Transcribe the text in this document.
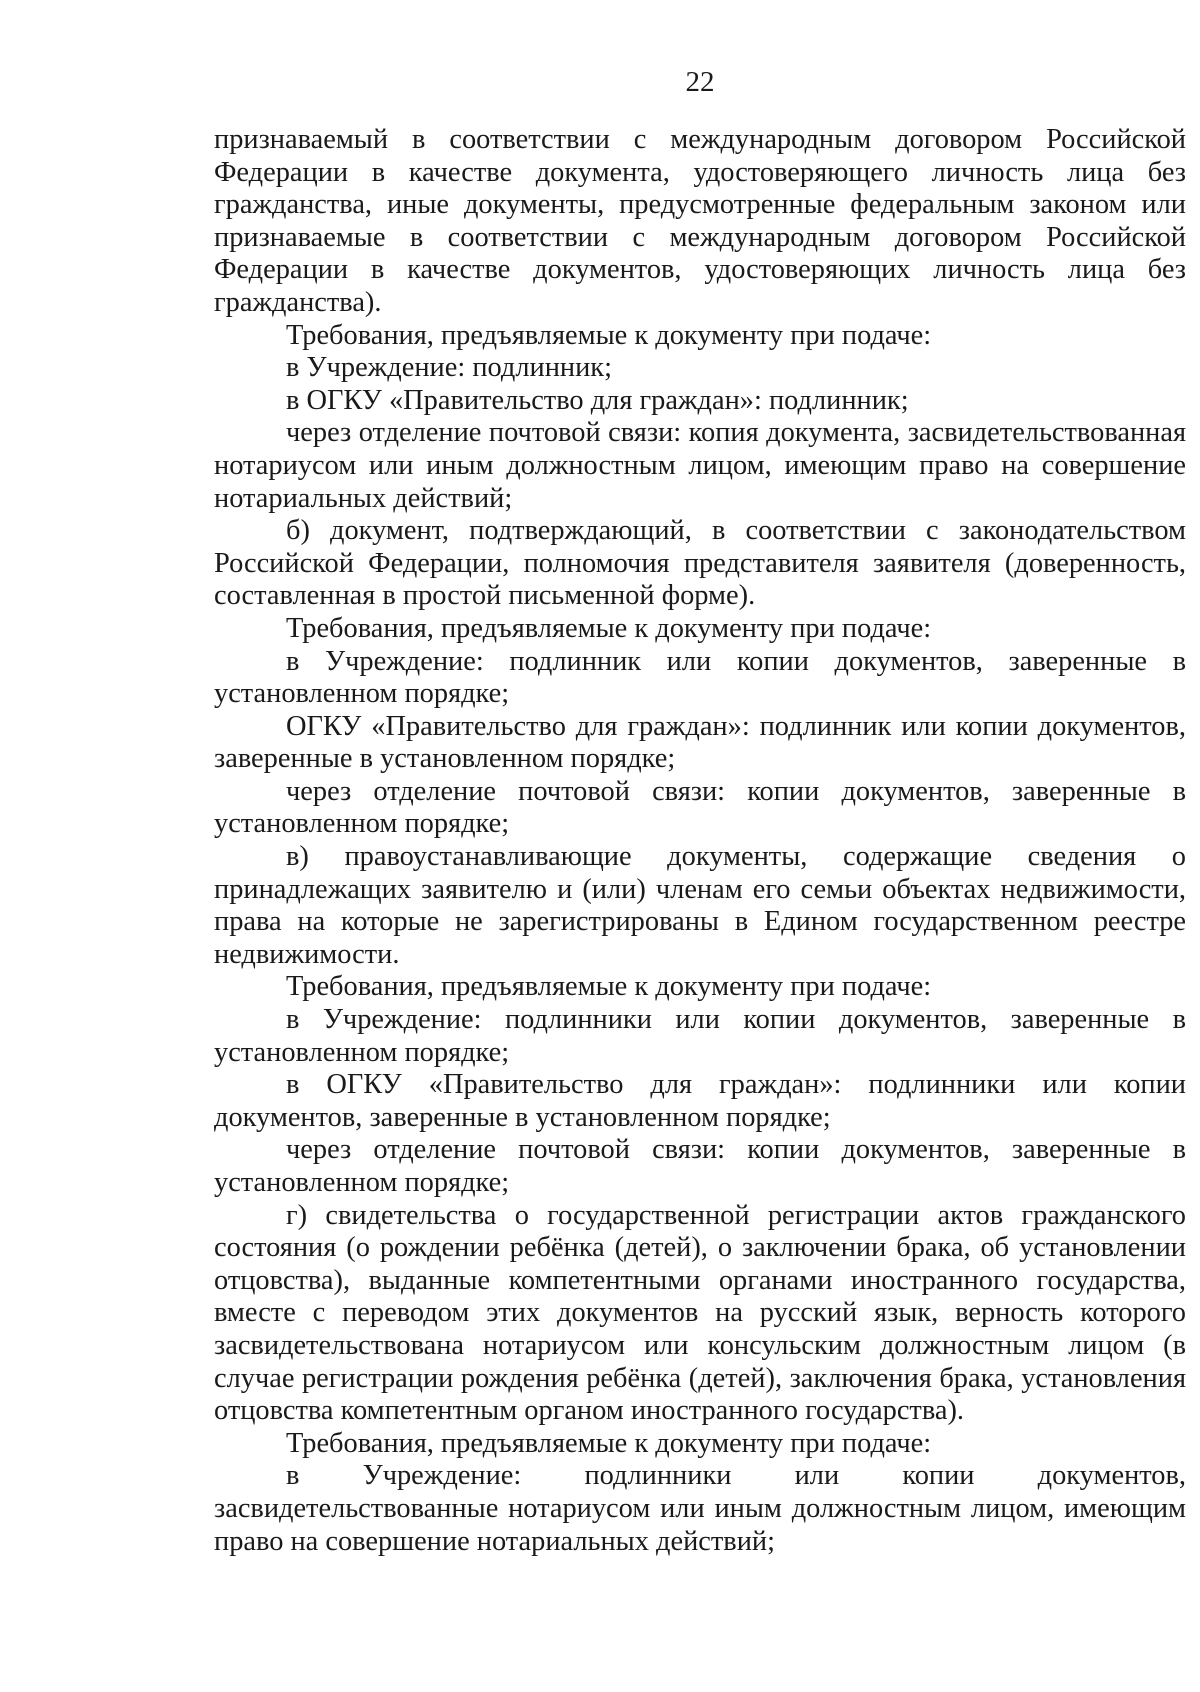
22

признаваемый в соответствии с международным договором Российской Федерации в качестве документа, удостоверяющего личность лица без гражданства, иные документы, предусмотренные федеральным законом или признаваемые в соответствии с международным договором Российской Федерации в качестве документов, удостоверяющих личность лица без гражданства).

Требования, предъявляемые к документу при подаче:

в Учреждение: подлинник;

в ОГКУ «Правительство для граждан»: подлинник;

через отделение почтовой связи: копия документа, засвидетельствованная нотариусом или иным должностным лицом, имеющим право на совершение нотариальных действий;

б) документ, подтверждающий, в соответствии с законодательством Российской Федерации, полномочия представителя заявителя (доверенность, составленная в простой письменной форме).

Требования, предъявляемые к документу при подаче:

в Учреждение: подлинник или копии документов, заверенные в установленном порядке;

ОГКУ «Правительство для граждан»: подлинник или копии документов, заверенные в установленном порядке;

через отделение почтовой связи: копии документов, заверенные в установленном порядке;

в) правоустанавливающие документы, содержащие сведения о принадлежащих заявителю и (или) членам его семьи объектах недвижимости, права на которые не зарегистрированы в Едином государственном реестре недвижимости.

Требования, предъявляемые к документу при подаче:

в Учреждение: подлинники или копии документов, заверенные в установленном порядке;

в ОГКУ «Правительство для граждан»: подлинники или копии документов, заверенные в установленном порядке;

через отделение почтовой связи: копии документов, заверенные в установленном порядке;

г) свидетельства о государственной регистрации актов гражданского состояния (о рождении ребёнка (детей), о заключении брака, об установлении отцовства), выданные компетентными органами иностранного государства, вместе с переводом этих документов на русский язык, верность которого засвидетельствована нотариусом или консульским должностным лицом (в случае регистрации рождения ребёнка (детей), заключения брака, установления отцовства компетентным органом иностранного государства).

Требования, предъявляемые к документу при подаче:

в Учреждение: подлинники или копии документов, засвидетельствованные нотариусом или иным должностным лицом, имеющим право на совершение нотариальных действий;
